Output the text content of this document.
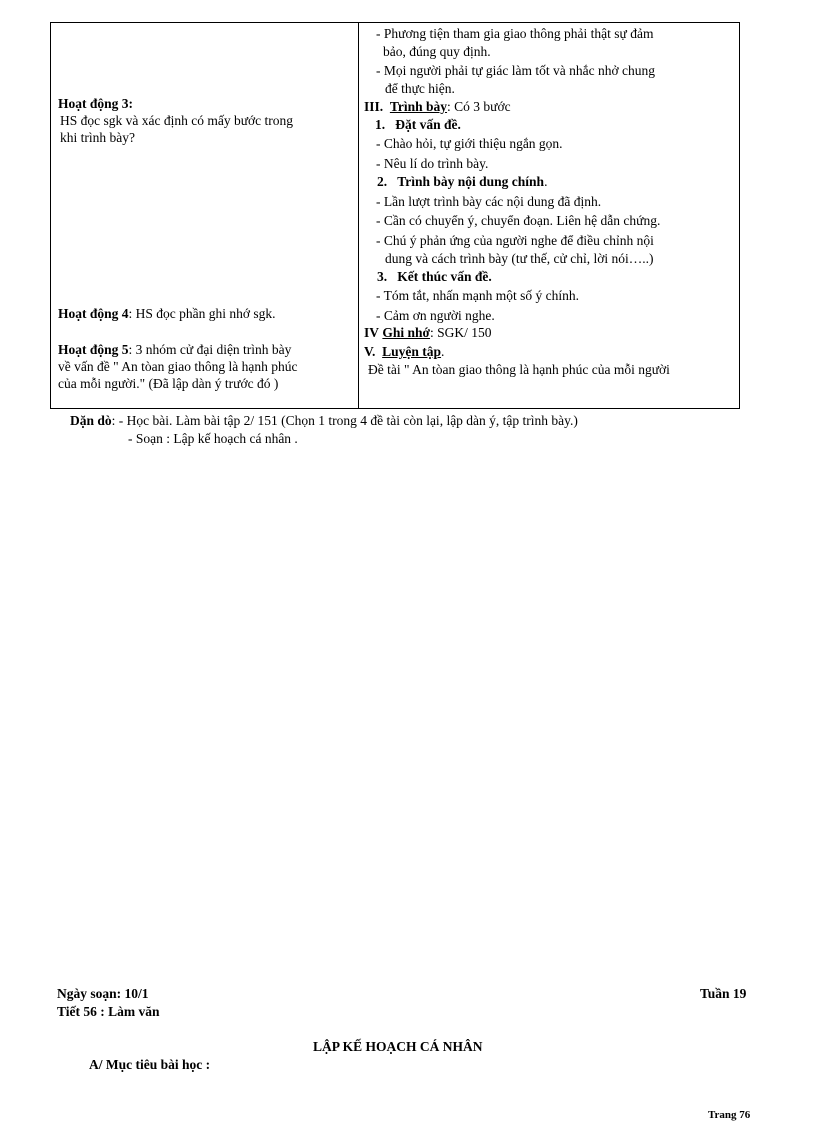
Hoạt động 3:
HS đọc sgk và xác định có mấy bước trong
khi trình bày?
Hoạt động 4: HS đọc phần ghi nhớ sgk.
Hoạt động 5: 3 nhóm cử đại diện trình bày
về vấn đề " An tòan giao thông là hạnh phúc
của mỗi người." (Đã lập dàn ý trước đó )
- Phương tiện tham gia giao thông phải thật sự đảm
bảo, đúng quy định.
- Mọi người phải tự giác làm tốt và nhắc nhở chung
để thực hiện.
III. Trình bày: Có 3 bước
1. Đặt vấn đề.
- Chào hỏi, tự giới thiệu ngắn gọn.
- Nêu lí do trình bày.
2. Trình bày nội dung chính.
- Lần lượt trình bày các nội dung đã định.
- Cần có chuyển ý, chuyển đoạn. Liên hệ dẫn chứng.
- Chú ý phản ứng của người nghe để điều chỉnh nội
dung và cách trình bày (tư thế, cử chỉ, lời nói…..)
3. Kết thúc vấn đề.
- Tóm tắt, nhấn mạnh một số ý chính.
- Cảm ơn người nghe.
IV Ghi nhớ: SGK/ 150
V. Luyện tập.
Đề tài " An tòan giao thông là hạnh phúc của mỗi người
Dặn dò: - Học bài. Làm bài tập 2/ 151 (Chọn 1 trong 4 đề tài còn lại, lập dàn ý, tập trình bày.)
- Soạn : Lập kế hoạch cá nhân .
Ngày soạn: 10/1	Tuần 19
Tiết 56 : Làm văn
LẬP KẾ HOẠCH CÁ NHÂN
A/ Mục tiêu bài học :
Trang 76
